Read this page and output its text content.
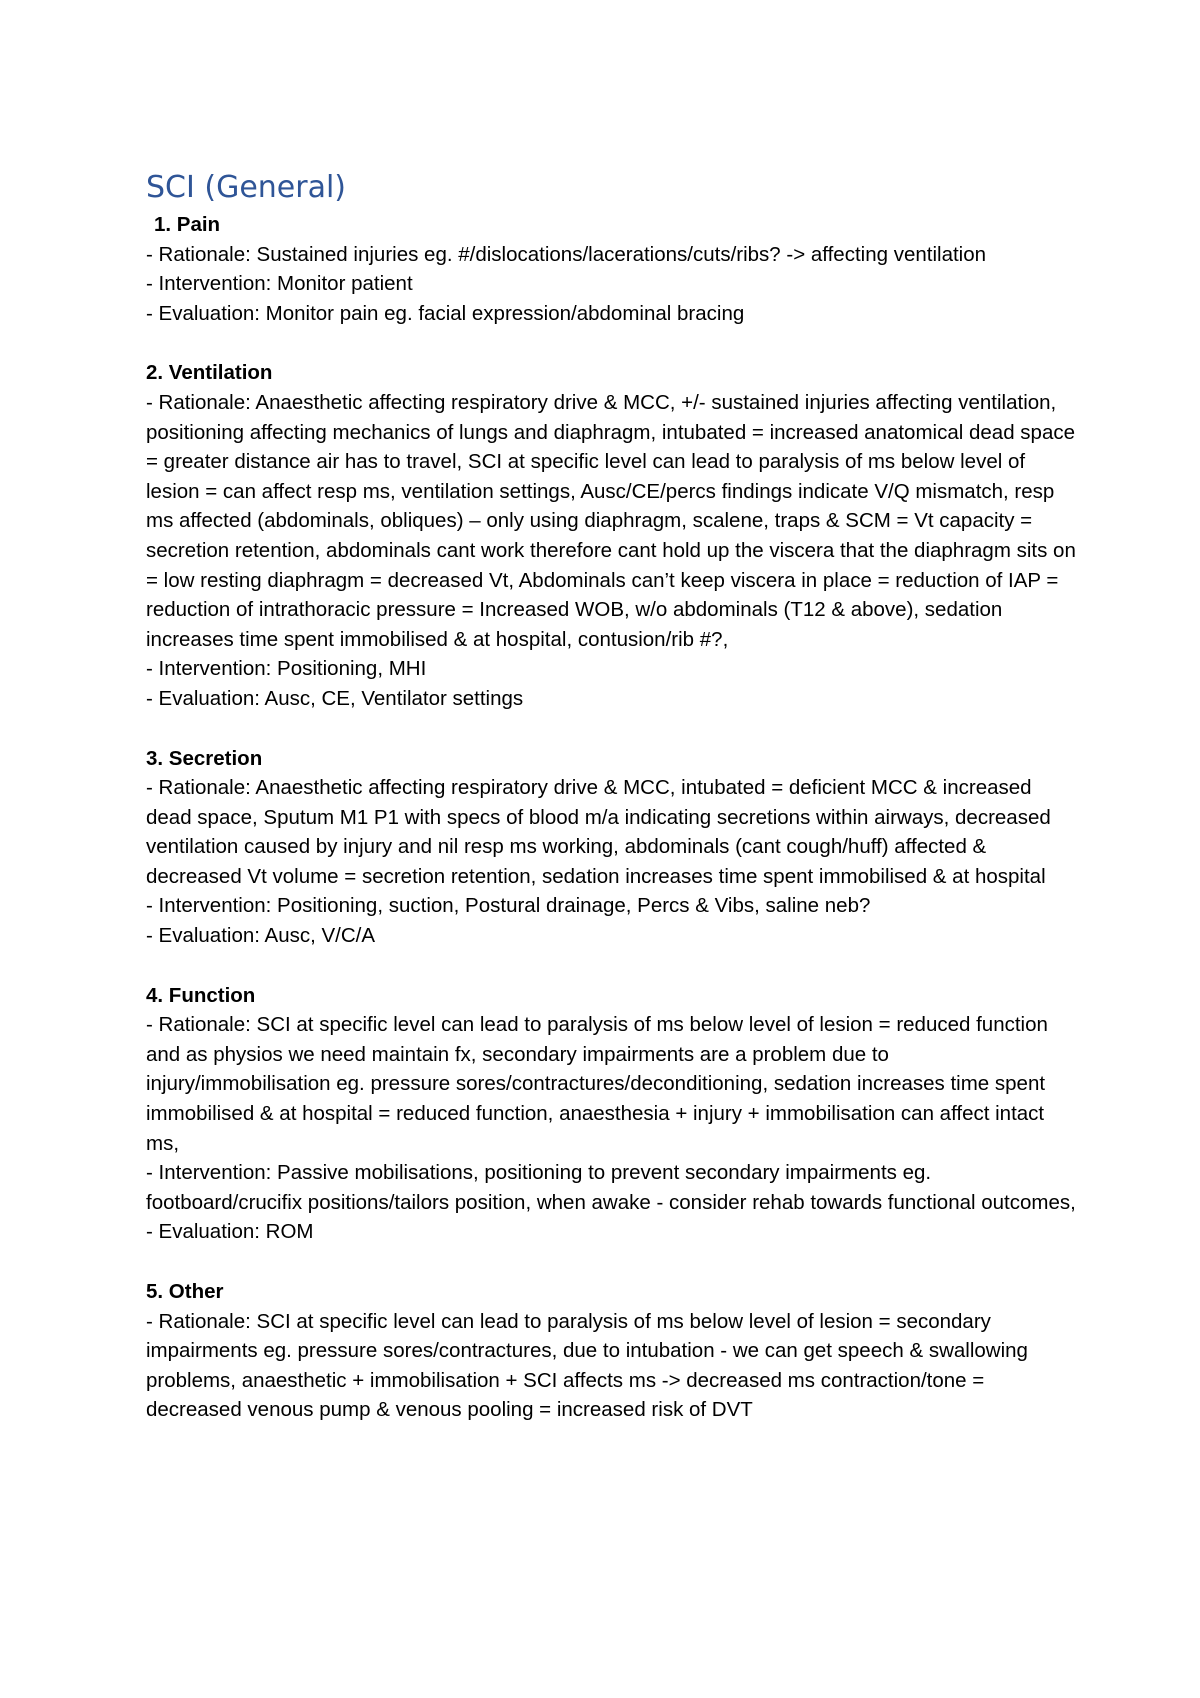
SCI (General)
1. Pain
- Rationale: Sustained injuries eg. #/dislocations/lacerations/cuts/ribs? -> affecting ventilation
- Intervention: Monitor patient
- Evaluation: Monitor pain eg. facial expression/abdominal bracing
2. Ventilation
- Rationale: Anaesthetic affecting respiratory drive & MCC, +/- sustained injuries affecting ventilation, positioning affecting mechanics of lungs and diaphragm, intubated = increased anatomical dead space = greater distance air has to travel, SCI at specific level can lead to paralysis of ms below level of lesion = can affect resp ms, ventilation settings, Ausc/CE/percs findings indicate V/Q mismatch, resp ms affected (abdominals, obliques) – only using diaphragm, scalene, traps & SCM = Vt capacity = secretion retention, abdominals cant work therefore cant hold up the viscera that the diaphragm sits on = low resting diaphragm = decreased Vt, Abdominals can’t keep viscera in place = reduction of IAP = reduction of intrathoracic pressure = Increased WOB, w/o abdominals (T12 & above), sedation increases time spent immobilised & at hospital, contusion/rib #?,
- Intervention: Positioning, MHI
- Evaluation: Ausc, CE, Ventilator settings
3. Secretion
- Rationale: Anaesthetic affecting respiratory drive & MCC, intubated = deficient MCC & increased dead space, Sputum M1 P1 with specs of blood m/a indicating secretions within airways, decreased ventilation caused by injury and nil resp ms working, abdominals (cant cough/huff) affected & decreased Vt volume = secretion retention, sedation increases time spent immobilised & at hospital
- Intervention: Positioning, suction, Postural drainage, Percs & Vibs, saline neb?
- Evaluation: Ausc, V/C/A
4. Function
- Rationale: SCI at specific level can lead to paralysis of ms below level of lesion = reduced function and as physios we need maintain fx, secondary impairments are a problem due to injury/immobilisation eg. pressure sores/contractures/deconditioning, sedation increases time spent immobilised & at hospital = reduced function, anaesthesia + injury + immobilisation can affect intact ms,
- Intervention: Passive mobilisations, positioning to prevent secondary impairments eg. footboard/crucifix positions/tailors position, when awake - consider rehab towards functional outcomes,
- Evaluation: ROM
5. Other
- Rationale: SCI at specific level can lead to paralysis of ms below level of lesion = secondary impairments eg. pressure sores/contractures, due to intubation - we can get speech & swallowing problems, anaesthetic + immobilisation + SCI affects ms -> decreased ms contraction/tone = decreased venous pump & venous pooling = increased risk of DVT
